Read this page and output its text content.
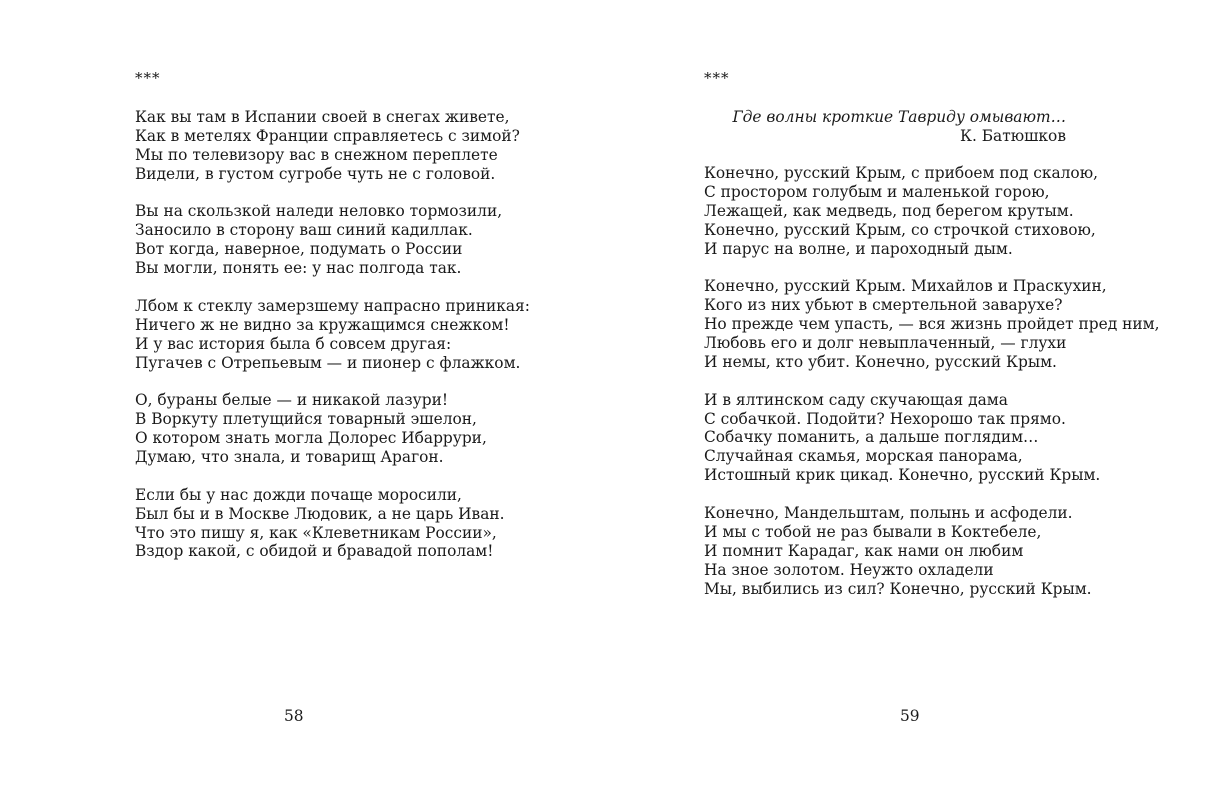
***
Как вы там в Испании своей в снегах живете,
Как в метелях Франции справляетесь с зимой?
Мы по телевизору вас в снежном переплете
Видели, в густом сугробе чуть не с головой.
Вы на скользкой наледи неловко тормозили,
Заносило в сторону ваш синий кадиллак.
Вот когда, наверное, подумать о России
Вы могли, понять ее: у нас полгода так.
Лбом к стеклу замерзшему напрасно приникая:
Ничего ж не видно за кружащимся снежком!
И у вас история была б совсем другая:
Пугачев с Отрепьевым — и пионер с флажком.
О, бураны белые — и никакой лазури!
В Воркуту плетущийся товарный эшелон,
О котором знать могла Долорес Ибаррури,
Думаю, что знала, и товарищ Арагон.
Если бы у нас дожди почаще моросили,
Был бы и в Москве Людовик, а не царь Иван.
Что это пишу я, как «Клеветникам России»,
Вздор какой, с обидой и бравадой пополам!
58
***
Где волны кроткие Тавриду омывают…
К. Батюшков
Конечно, русский Крым, с прибоем под скалою,
С простором голубым и маленькой горою,
Лежащей, как медведь, под берегом крутым.
Конечно, русский Крым, со строчкой стиховою,
И парус на волне, и пароходный дым.
Конечно, русский Крым. Михайлов и Праскухин,
Кого из них убьют в смертельной заварухе?
Но прежде чем упасть, — вся жизнь пройдет пред ним,
Любовь его и долг невыплаченный, — глухи
И немы, кто убит. Конечно, русский Крым.
И в ялтинском саду скучающая дама
С собачкой. Подойти? Нехорошо так прямо.
Собачку поманить, а дальше поглядим…
Случайная скамья, морская панорама,
Истошный крик цикад. Конечно, русский Крым.
Конечно, Мандельштам, полынь и асфодели.
И мы с тобой не раз бывали в Коктебеле,
И помнит Карадаг, как нами он любим
На зное золотом. Неужто охладели
Мы, выбились из сил? Конечно, русский Крым.
59
